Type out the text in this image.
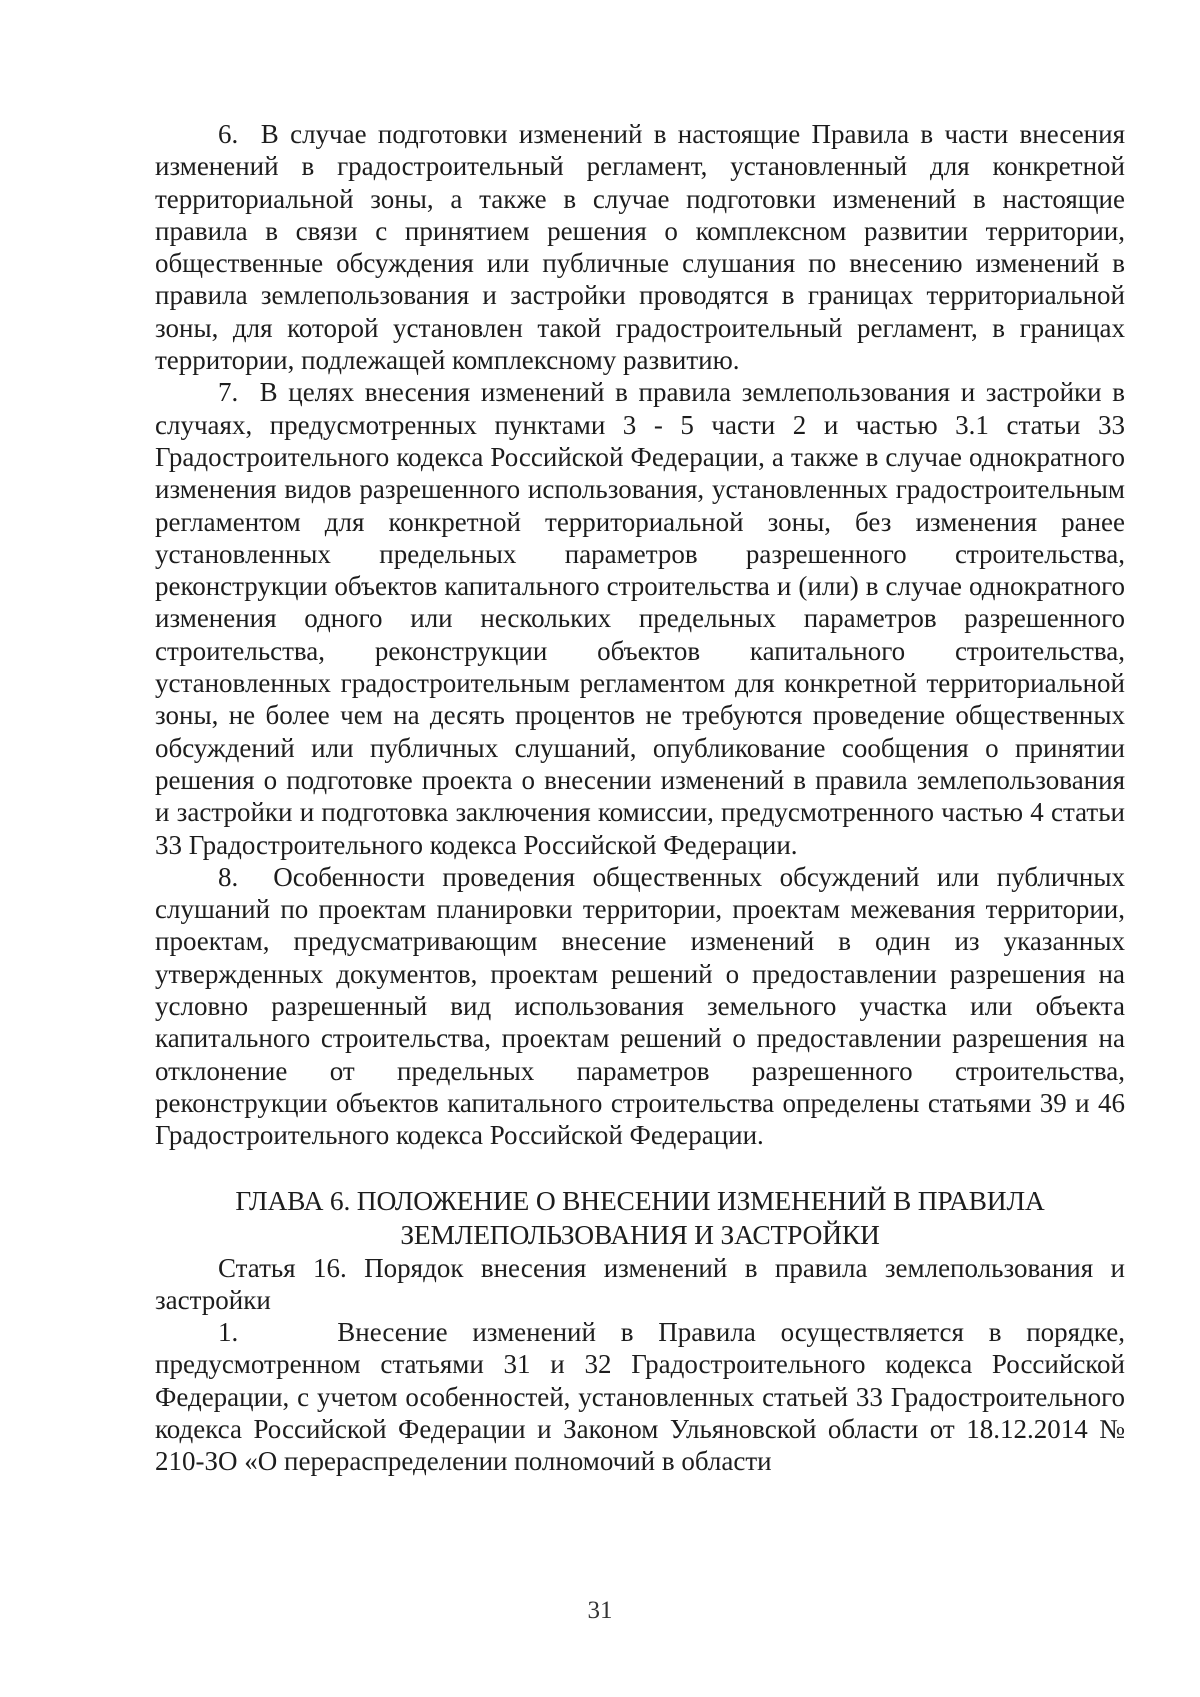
6.  В случае подготовки изменений в настоящие Правила в части внесения изменений в градостроительный регламент, установленный для конкретной территориальной зоны, а также в случае подготовки изменений в настоящие правила в связи с принятием решения о комплексном развитии территории, общественные обсуждения или публичные слушания по внесению изменений в правила землепользования и застройки проводятся в границах территориальной зоны, для которой установлен такой градостроительный регламент, в границах территории, подлежащей комплексному развитию.

7.  В целях внесения изменений в правила землепользования и застройки в случаях, предусмотренных пунктами 3 - 5 части 2 и частью 3.1 статьи 33 Градостроительного кодекса Российской Федерации, а также в случае однократного изменения видов разрешенного использования, установленных градостроительным регламентом для конкретной территориальной зоны, без изменения ранее установленных предельных параметров разрешенного строительства, реконструкции объектов капитального строительства и (или) в случае однократного изменения одного или нескольких предельных параметров разрешенного строительства, реконструкции объектов капитального строительства, установленных градостроительным регламентом для конкретной территориальной зоны, не более чем на десять процентов не требуются проведение общественных обсуждений или публичных слушаний, опубликование сообщения о принятии решения о подготовке проекта о внесении изменений в правила землепользования и застройки и подготовка заключения комиссии, предусмотренного частью 4 статьи 33 Градостроительного кодекса Российской Федерации.

8.  Особенности проведения общественных обсуждений или публичных слушаний по проектам планировки территории, проектам межевания территории, проектам, предусматривающим внесение изменений в один из указанных утвержденных документов, проектам решений о предоставлении разрешения на условно разрешенный вид использования земельного участка или объекта капитального строительства, проектам решений о предоставлении разрешения на отклонение от предельных параметров разрешенного строительства, реконструкции объектов капитального строительства определены статьями 39 и 46 Градостроительного кодекса Российской Федерации.

ГЛАВА 6. ПОЛОЖЕНИЕ О ВНЕСЕНИИ ИЗМЕНЕНИЙ В ПРАВИЛА
ЗЕМЛЕПОЛЬЗОВАНИЯ И ЗАСТРОЙКИ

Статья 16. Порядок внесения изменений в правила землепользования и застройки

1.    Внесение изменений в Правила осуществляется в порядке, предусмотренном статьями 31 и 32 Градостроительного кодекса Российской Федерации, с учетом особенностей, установленных статьей 33 Градостроительного кодекса Российской Федерации и Законом Ульяновской области от 18.12.2014 № 210-ЗО «О перераспределении полномочий в области

31
